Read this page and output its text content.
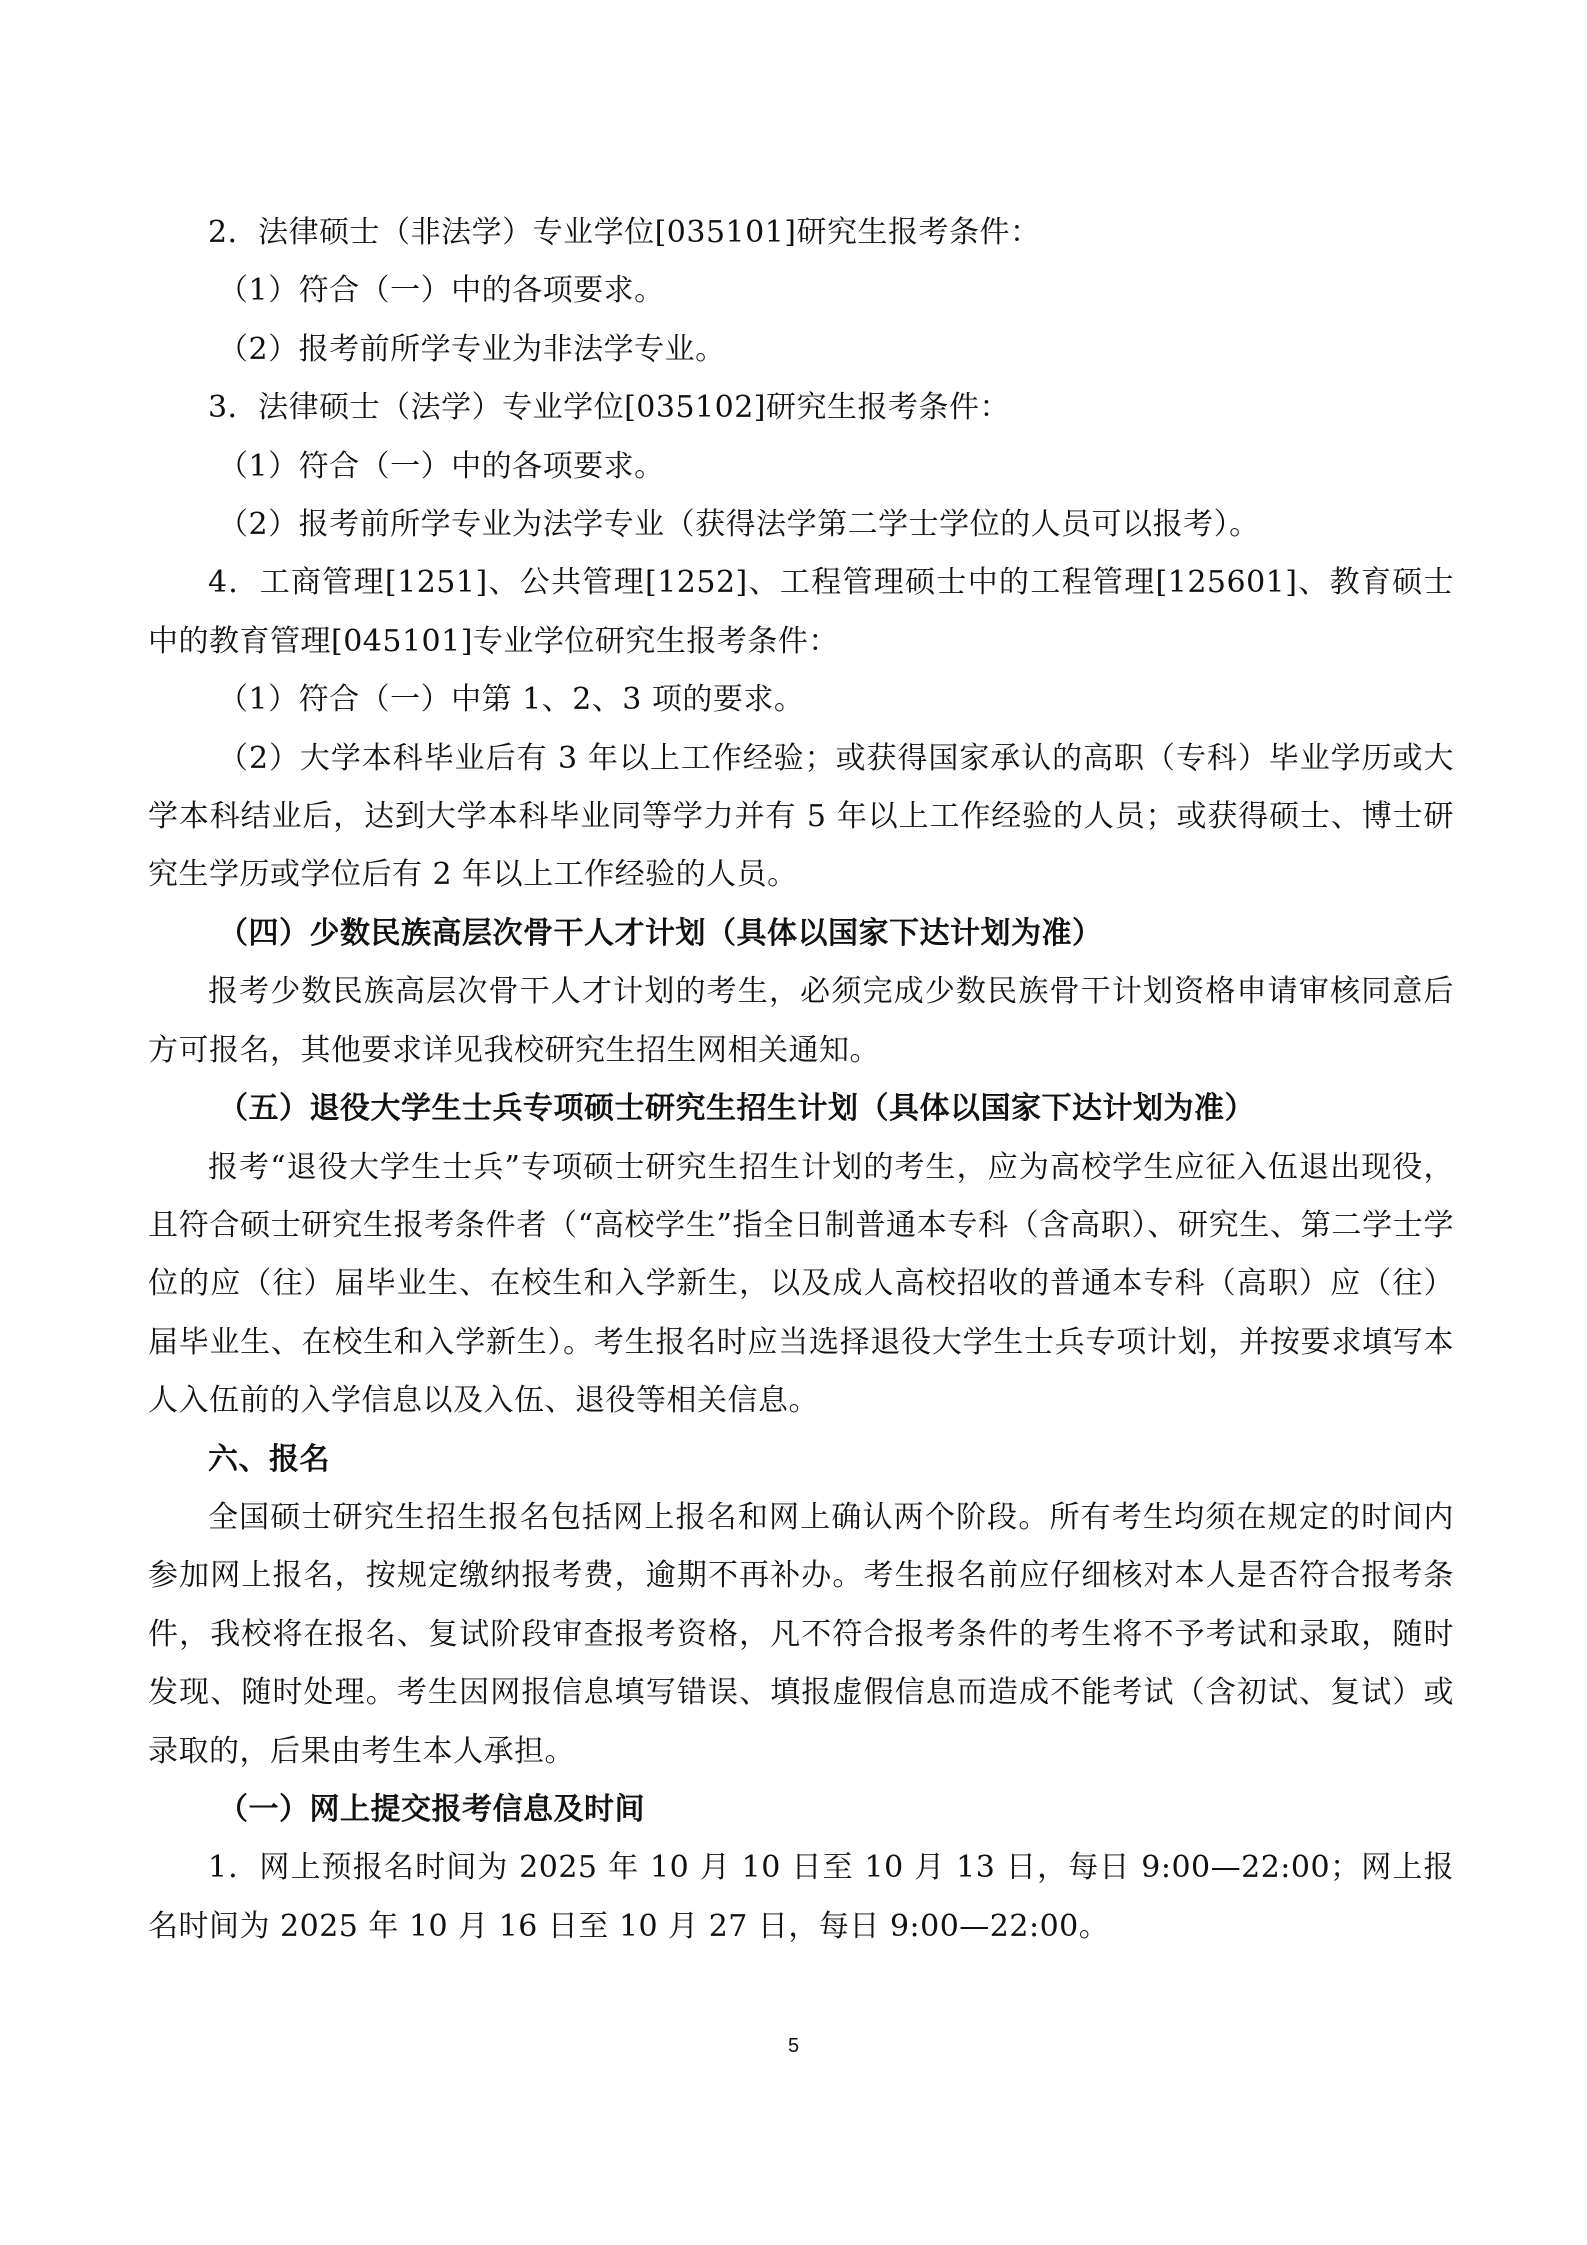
2．法律硕士（非法学）专业学位[035101]研究生报考条件：

（1）符合（一）中的各项要求。

（2）报考前所学专业为非法学专业。

3．法律硕士（法学）专业学位[035102]研究生报考条件：

（1）符合（一）中的各项要求。

（2）报考前所学专业为法学专业（获得法学第二学士学位的人员可以报考）。

4．工商管理[1251]、公共管理[1252]、工程管理硕士中的工程管理[125601]、教育硕士中的教育管理[045101]专业学位研究生报考条件：

（1）符合（一）中第 1、2、3 项的要求。

（2）大学本科毕业后有 3 年以上工作经验；或获得国家承认的高职（专科）毕业学历或大学本科结业后，达到大学本科毕业同等学力并有 5 年以上工作经验的人员；或获得硕士、博士研究生学历或学位后有 2 年以上工作经验的人员。

（四）少数民族高层次骨干人才计划（具体以国家下达计划为准）

报考少数民族高层次骨干人才计划的考生，必须完成少数民族骨干计划资格申请审核同意后方可报名，其他要求详见我校研究生招生网相关通知。

（五）退役大学生士兵专项硕士研究生招生计划（具体以国家下达计划为准）

报考“退役大学生士兵”专项硕士研究生招生计划的考生，应为高校学生应征入伍退出现役，且符合硕士研究生报考条件者（“高校学生”指全日制普通本专科（含高职）、研究生、第二学士学位的应（往）届毕业生、在校生和入学新生，以及成人高校招收的普通本专科（高职）应（往）届毕业生、在校生和入学新生）。考生报名时应当选择退役大学生士兵专项计划，并按要求填写本人入伍前的入学信息以及入伍、退役等相关信息。

六、报名

全国硕士研究生招生报名包括网上报名和网上确认两个阶段。所有考生均须在规定的时间内参加网上报名，按规定缴纳报考费，逾期不再补办。考生报名前应仔细核对本人是否符合报考条件，我校将在报名、复试阶段审查报考资格，凡不符合报考条件的考生将不予考试和录取，随时发现、随时处理。考生因网报信息填写错误、填报虚假信息而造成不能考试（含初试、复试）或录取的，后果由考生本人承担。

（一）网上提交报考信息及时间

1．网上预报名时间为 2025 年 10 月 10 日至 10 月 13 日，每日 9:00—22:00；网上报名时间为 2025 年 10 月 16 日至 10 月 27 日，每日 9:00—22:00。

5
